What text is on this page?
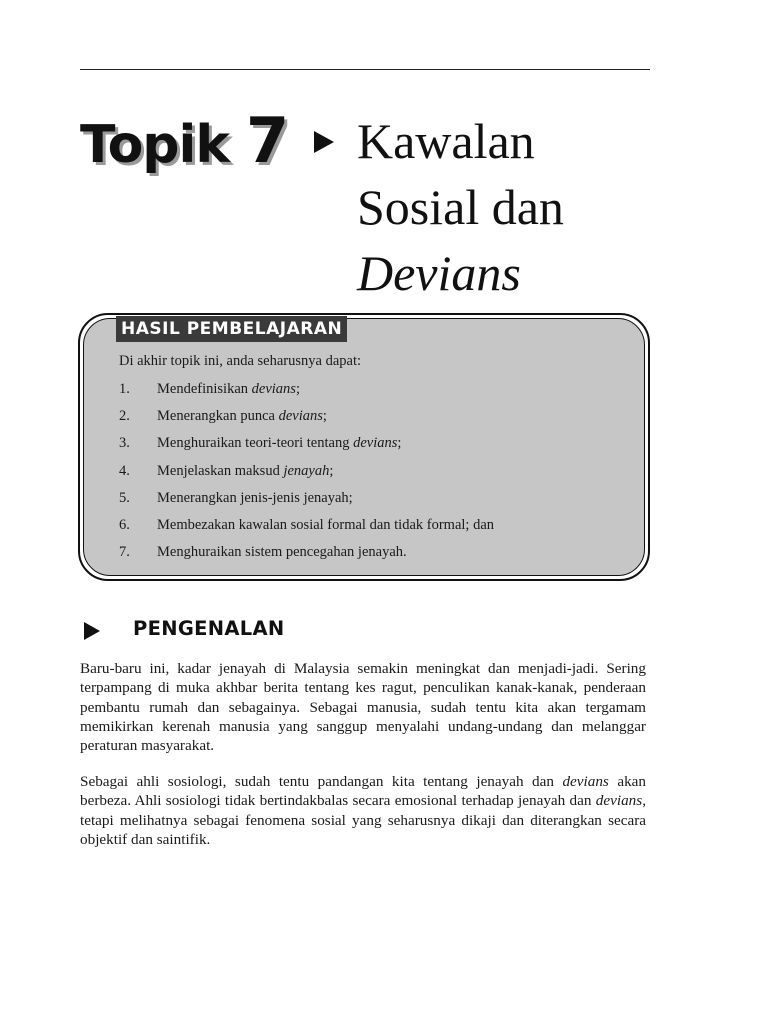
Topik 7 Kawalan
Sosial dan
Devians
HASIL PEMBELAJARAN
Di akhir topik ini, anda seharusnya dapat:
1. Mendefinisikan devians;
2. Menerangkan punca devians;
3. Menghuraikan teori-teori tentang devians;
4. Menjelaskan maksud jenayah;
5. Menerangkan jenis-jenis jenayah;
6. Membezakan kawalan sosial formal dan tidak formal; dan
7. Menghuraikan sistem pencegahan jenayah.
PENGENALAN

Baru-baru ini, kadar jenayah di Malaysia semakin meningkat dan menjadi-jadi. Sering terpampang di muka akhbar berita tentang kes ragut, penculikan kanak-kanak, penderaan pembantu rumah dan sebagainya. Sebagai manusia, sudah tentu kita akan tergamam memikirkan kerenah manusia yang sanggup menyalahi undang-undang dan melanggar peraturan masyarakat.

Sebagai ahli sosiologi, sudah tentu pandangan kita tentang jenayah dan devians akan berbeza. Ahli sosiologi tidak bertindakbalas secara emosional terhadap jenayah dan devians, tetapi melihatnya sebagai fenomena sosial yang seharusnya dikaji dan diterangkan secara objektif dan saintifik.
